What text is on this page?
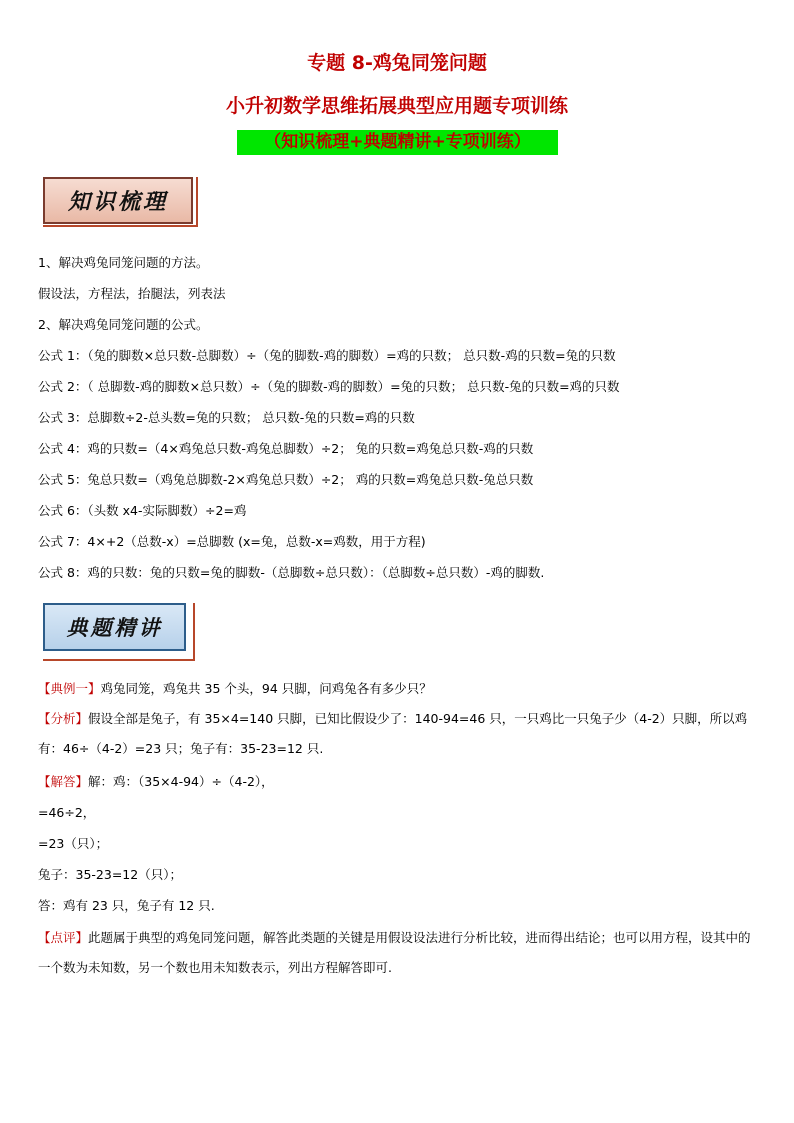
专题 8-鸡兔同笼问题
小升初数学思维拓展典型应用题专项训练
（知识梳理+典题精讲+专项训练）
知识梳理
1、解决鸡兔同笼问题的方法。
假设法，方程法，抬腿法，列表法
2、解决鸡兔同笼问题的公式。
公式 1：（兔的脚数×总只数-总脚数）÷（兔的脚数-鸡的脚数）=鸡的只数； 总只数-鸡的只数=兔的只数
公式 2：（ 总脚数-鸡的脚数×总只数）÷（兔的脚数-鸡的脚数）=兔的只数； 总只数-兔的只数=鸡的只数
公式 3：总脚数÷2-总头数=兔的只数； 总只数-兔的只数=鸡的只数
公式 4：鸡的只数=（4×鸡兔总只数-鸡兔总脚数）÷2； 兔的只数=鸡兔总只数-鸡的只数
公式 5：兔总只数=（鸡兔总脚数-2×鸡兔总只数）÷2； 鸡的只数=鸡兔总只数-兔总只数
公式 6：（头数 x4-实际脚数）÷2=鸡
公式 7：4×+2（总数-x）=总脚数 (x=兔，总数-x=鸡数，用于方程)
公式 8：鸡的只数：兔的只数=兔的脚数-（总脚数÷总只数）：（总脚数÷总只数）-鸡的脚数.
典题精讲
【典例一】鸡兔同笼，鸡兔共 35 个头，94 只脚，问鸡兔各有多少只？
【分析】假设全部是兔子，有 35×4=140 只脚，已知比假设少了：140-94=46 只，一只鸡比一只兔子少（4-2）只脚，所以鸡有：46÷（4-2）=23 只；兔子有：35-23=12 只.
【解答】解：鸡：（35×4-94）÷（4-2），
=46÷2，
=23（只）；
兔子：35-23=12（只）；
答：鸡有 23 只，兔子有 12 只.
【点评】此题属于典型的鸡兔同笼问题，解答此类题的关键是用假设设法进行分析比较，进而得出结论；也可以用方程，设其中的一个数为未知数，另一个数也用未知数表示，列出方程解答即可.
